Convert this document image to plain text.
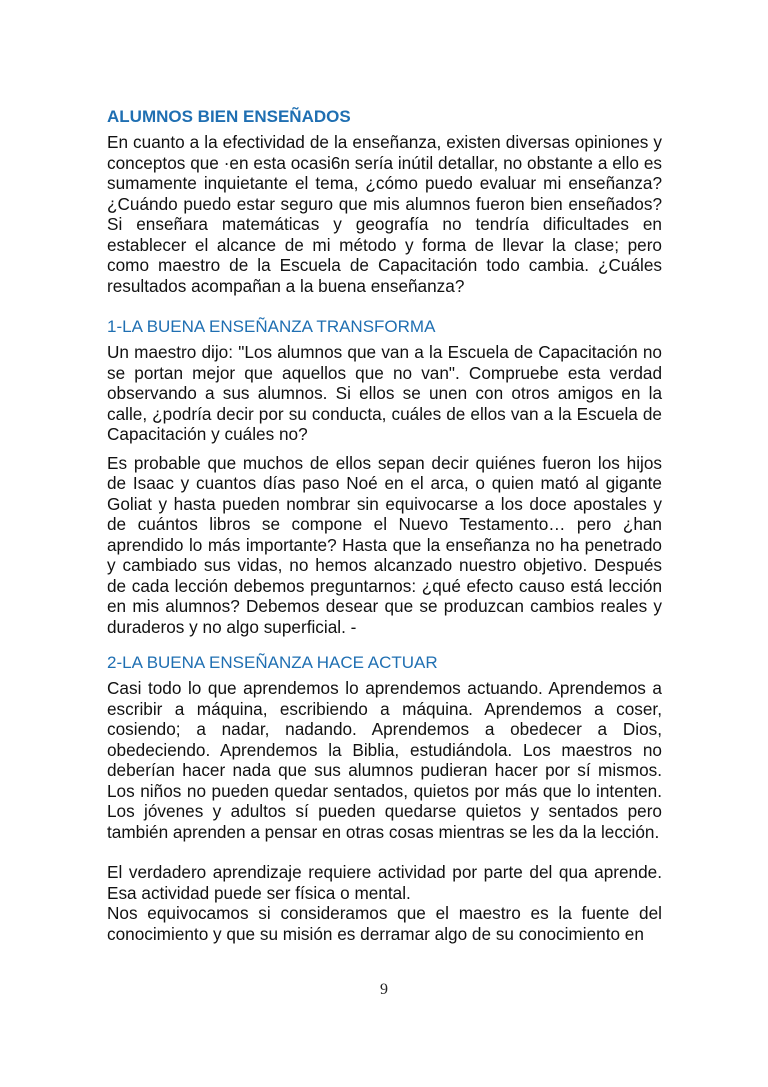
ALUMNOS BIEN ENSEÑADOS

En cuanto a la efectividad de la enseñanza, existen diversas opiniones y conceptos que ·en esta ocasi6n sería inútil detallar, no obstante a ello es sumamente inquietante el tema, ¿cómo puedo evaluar mi enseñanza? ¿Cuándo puedo estar seguro que mis alumnos fueron bien enseñados? Si enseñara matemáticas y geografía no tendría dificultades en establecer el alcance de mi método y forma de llevar la clase; pero como maestro de la Escuela de Capacitación todo cambia. ¿Cuáles resultados acompañan a la buena enseñanza?

1-LA BUENA ENSEÑANZA TRANSFORMA

Un maestro dijo: "Los alumnos que van a la Escuela de Capacitación no se portan mejor que aquellos que no van". Compruebe esta verdad observando a sus alumnos. Si ellos se unen con otros amigos en la calle, ¿podría decir por su conducta, cuáles de ellos van a la Escuela de Capacitación y cuáles no?

Es probable que muchos de ellos sepan decir quiénes fueron los hijos de Isaac y cuantos días paso Noé en el arca, o quien mató al gigante Goliat y hasta pueden nombrar sin equivocarse a los doce apostales y de cuántos libros se compone el Nuevo Testamento… pero ¿han aprendido lo más importante? Hasta que la enseñanza no ha penetrado y cambiado sus vidas, no hemos alcanzado nuestro objetivo. Después de cada lección debemos preguntarnos: ¿qué efecto causo está lección en mis alumnos? Debemos desear que se produzcan cambios reales y duraderos y no algo superficial. -

2-LA BUENA ENSEÑANZA HACE ACTUAR

Casi todo lo que aprendemos lo aprendemos actuando. Aprendemos a escribir a máquina, escribiendo a máquina. Aprendemos a coser, cosiendo; a nadar, nadando. Aprendemos a obedecer a Dios, obedeciendo. Aprendemos la Biblia, estudiándola. Los maestros no deberían hacer nada que sus alumnos pudieran hacer por sí mismos. Los niños no pueden quedar sentados, quietos por más que lo intenten. Los jóvenes y adultos sí pueden quedarse quietos y sentados pero también aprenden a pensar en otras cosas mientras se les da la lección.

El verdadero aprendizaje requiere actividad por parte del qua aprende. Esa actividad puede ser física o mental.

Nos equivocamos si consideramos que el maestro es la fuente del conocimiento y que su misión es derramar algo de su conocimiento en

9
